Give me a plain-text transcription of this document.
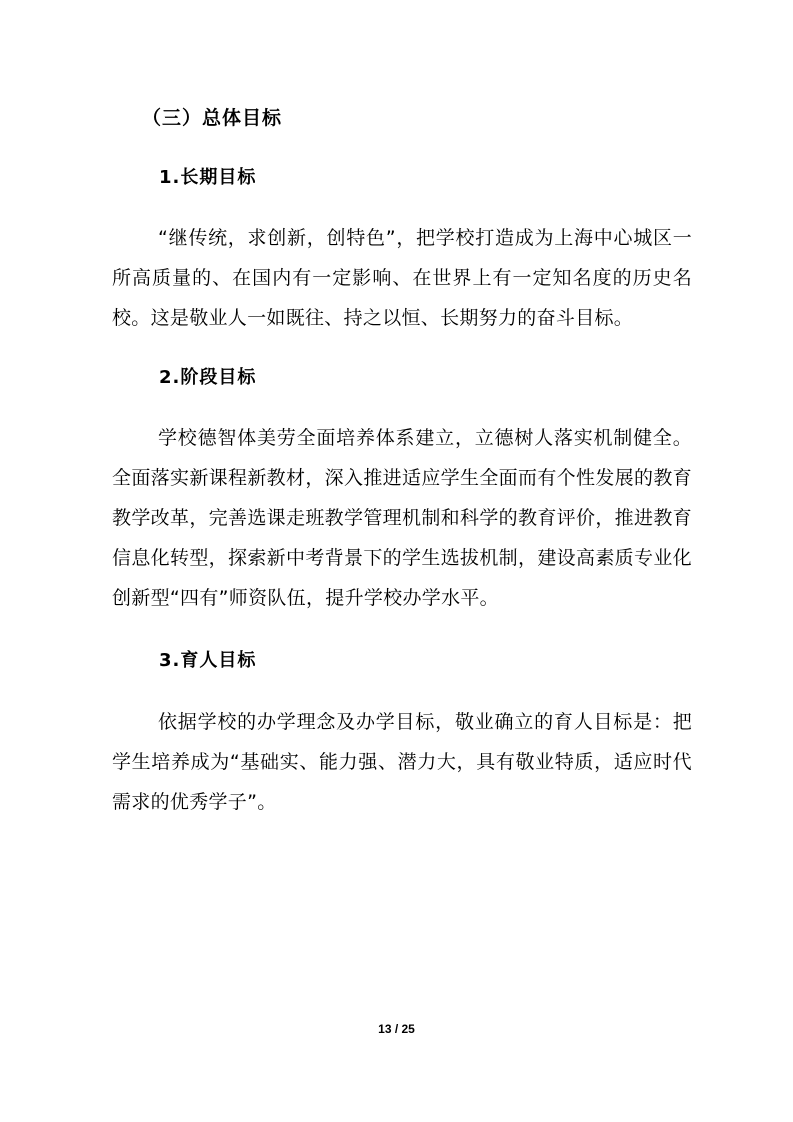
（三）总体目标
1.长期目标

“继传统，求创新，创特色”，把学校打造成为上海中心城区一所高质量的、在国内有一定影响、在世界上有一定知名度的历史名校。这是敬业人一如既往、持之以恒、长期努力的奋斗目标。

2.阶段目标

学校德智体美劳全面培养体系建立，立德树人落实机制健全。全面落实新课程新教材，深入推进适应学生全面而有个性发展的教育教学改革，完善选课走班教学管理机制和科学的教育评价，推进教育信息化转型，探索新中考背景下的学生选拔机制，建设高素质专业化创新型“四有”师资队伍，提升学校办学水平。

3.育人目标

依据学校的办学理念及办学目标，敬业确立的育人目标是：把学生培养成为“基础实、能力强、潜力大，具有敬业特质，适应时代需求的优秀学子”。

13 / 25
